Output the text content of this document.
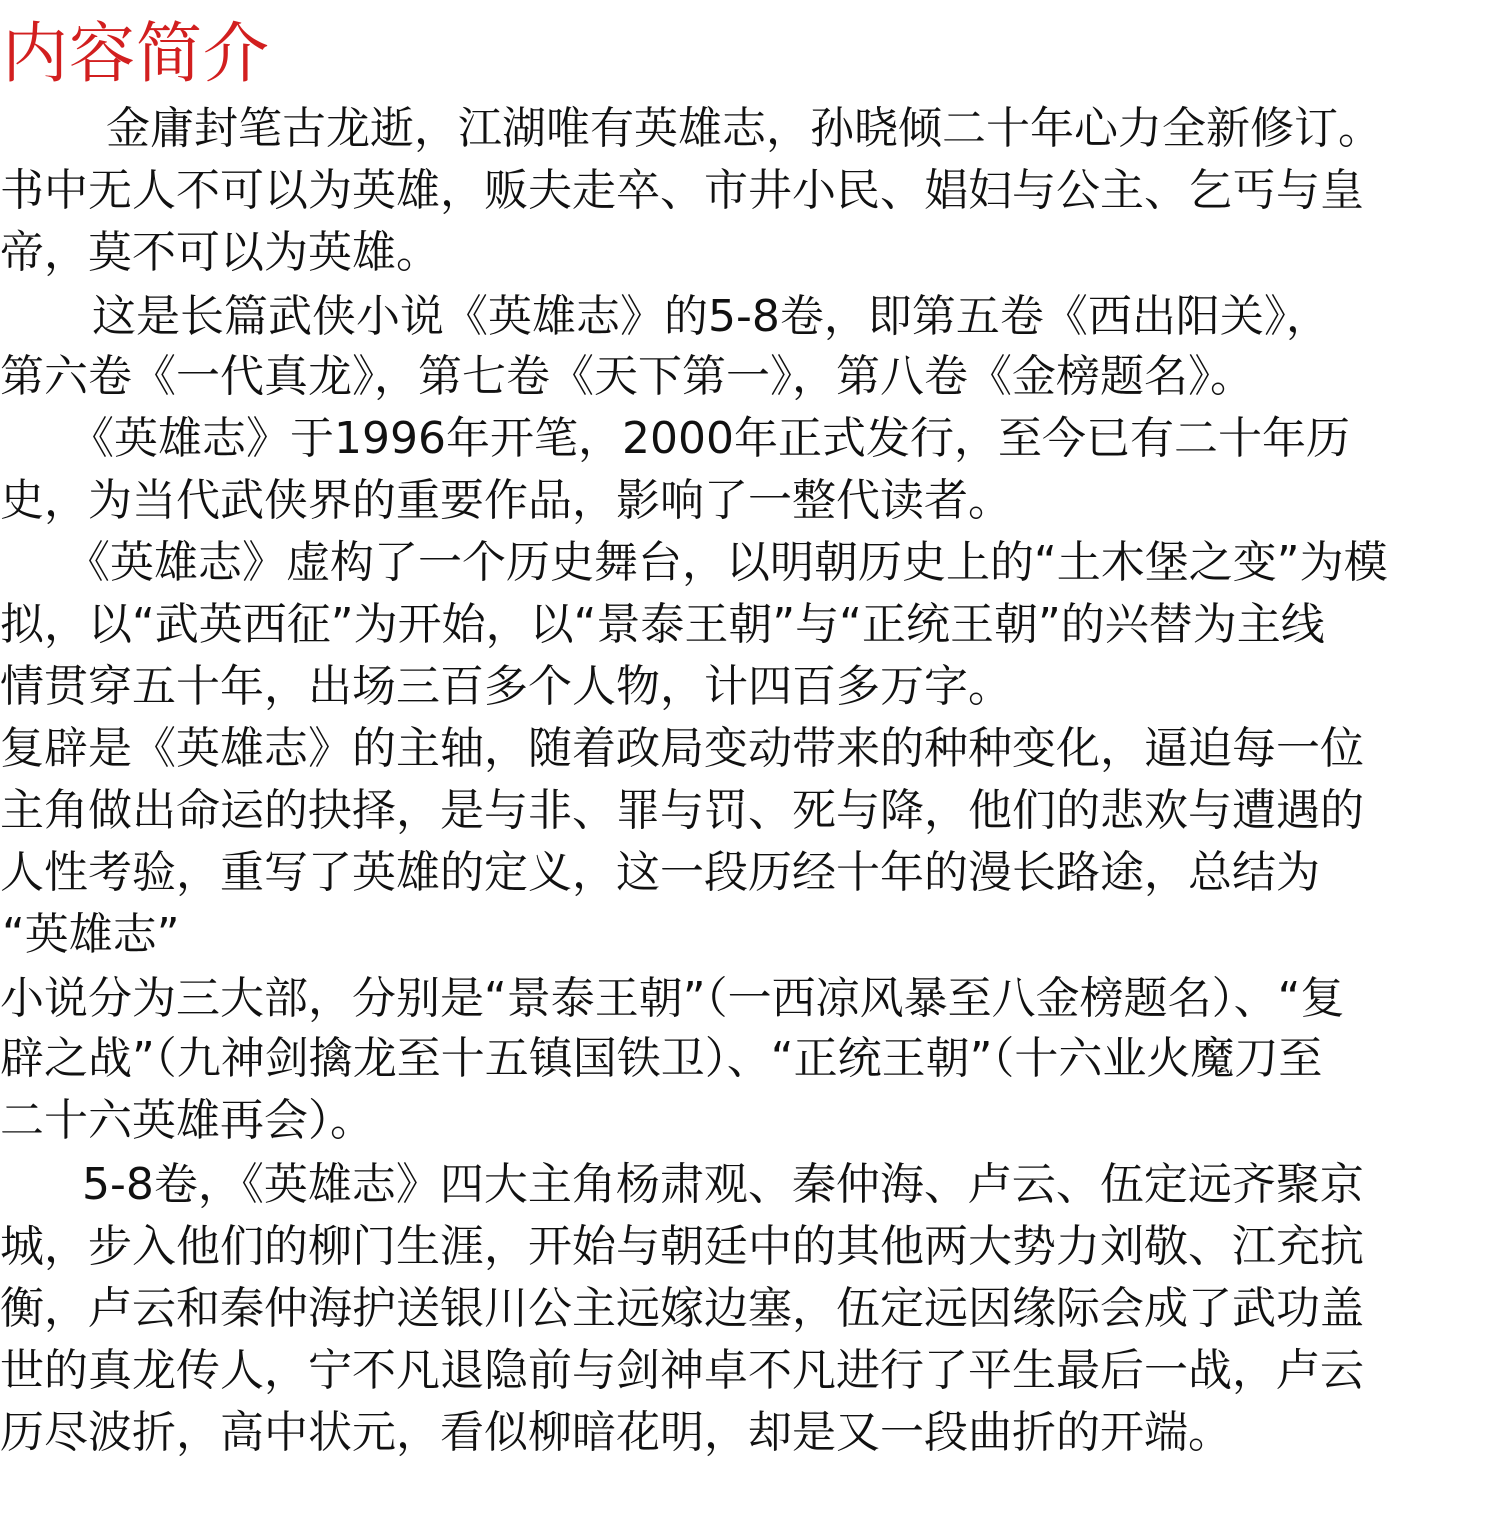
内容简介
金庸封笔古龙逝，江湖唯有英雄志，孙晓倾二十年心力全新修订。
书中无人不可以为英雄，贩夫走卒、市井小民、娼妇与公主、乞丐与皇
帝，莫不可以为英雄。
这是长篇武侠小说《英雄志》的5-8卷，即第五卷《西出阳关》，
第六卷《一代真龙》，第七卷《天下第一》，第八卷《金榜题名》。
《英雄志》于1996年开笔，2000年正式发行，至今已有二十年历
史，为当代武侠界的重要作品，影响了一整代读者。
《英雄志》虚构了一个历史舞台，以明朝历史上的“土木堡之变”为模
拟，以“武英西征”为开始，以“景泰王朝”与“正统王朝”的兴替为主线
情贯穿五十年，出场三百多个人物，计四百多万字。
复辟是《英雄志》的主轴，随着政局变动带来的种种变化，逼迫每一位
主角做出命运的抉择，是与非、罪与罚、死与降，他们的悲欢与遭遇的
人性考验，重写了英雄的定义，这一段历经十年的漫长路途，总结为
“英雄志”
小说分为三大部，分别是“景泰王朝”（一西凉风暴至八金榜题名）、“复
辟之战”（九神剑擒龙至十五镇国铁卫）、“正统王朝”（十六业火魔刀至
二十六英雄再会）。
5-8卷，《英雄志》四大主角杨肃观、秦仲海、卢云、伍定远齐聚京
城，步入他们的柳门生涯，开始与朝廷中的其他两大势力刘敬、江充抗
衡，卢云和秦仲海护送银川公主远嫁边塞，伍定远因缘际会成了武功盖
世的真龙传人，宁不凡退隐前与剑神卓不凡进行了平生最后一战，卢云
历尽波折，高中状元，看似柳暗花明，却是又一段曲折的开端。
